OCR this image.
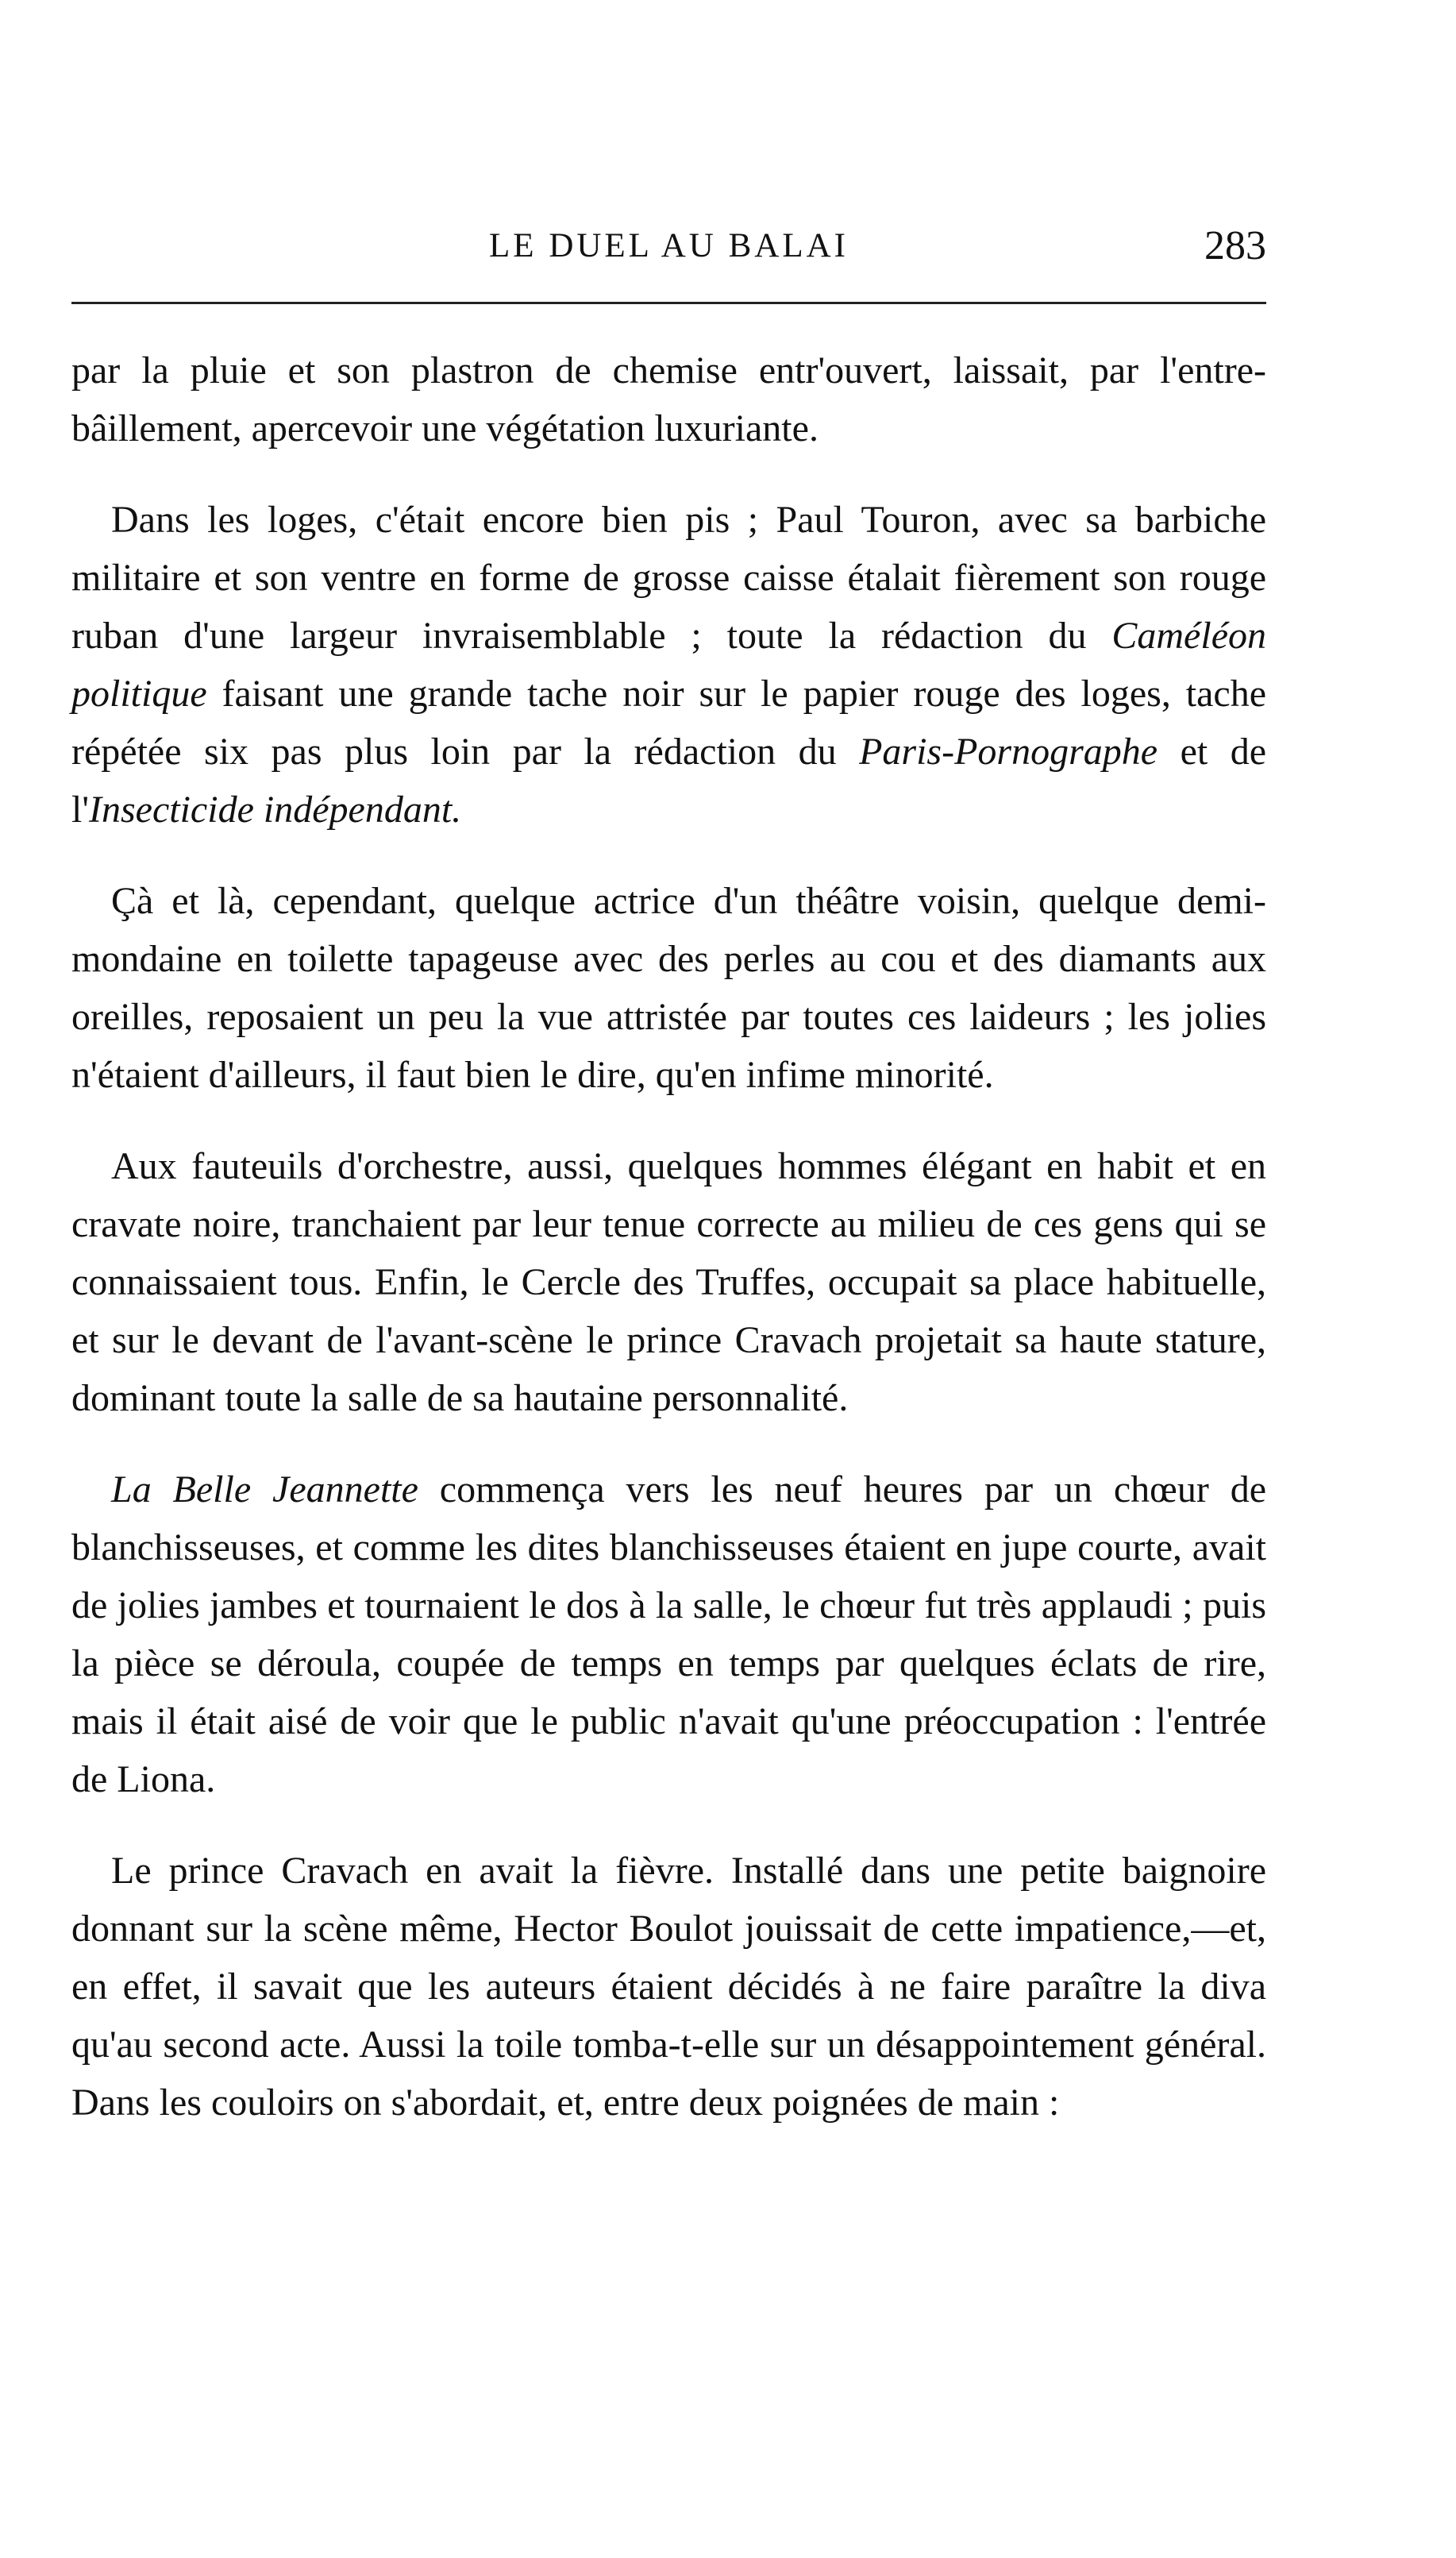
LE DUEL AU BALAI	283

par la pluie et son plastron de chemise entr'ouvert, laissait, par l'entre-bâillement, apercevoir une végétation luxuriante.

Dans les loges, c'était encore bien pis ; Paul Touron, avec sa barbiche militaire et son ventre en forme de grosse caisse étalait fièrement son rouge ruban d'une largeur invraisemblable ; toute la rédaction du Caméléon politique faisant une grande tache noir sur le papier rouge des loges, tache répétée six pas plus loin par la rédaction du Paris-Pornographe et de l'Insecticide indépendant.

Çà et là, cependant, quelque actrice d'un théâtre voisin, quelque demi-mondaine en toilette tapageuse avec des perles au cou et des diamants aux oreilles, reposaient un peu la vue attristée par toutes ces laideurs ; les jolies n'étaient d'ailleurs, il faut bien le dire, qu'en infime minorité.

Aux fauteuils d'orchestre, aussi, quelques hommes élégant en habit et en cravate noire, tranchaient par leur tenue correcte au milieu de ces gens qui se connaissaient tous. Enfin, le Cercle des Truffes, occupait sa place habituelle, et sur le devant de l'avant-scène le prince Cravach projetait sa haute stature, dominant toute la salle de sa hautaine personnalité.

La Belle Jeannette commença vers les neuf heures par un chœur de blanchisseuses, et comme les dites blanchisseuses étaient en jupe courte, avait de jolies jambes et tournaient le dos à la salle, le chœur fut très applaudi ; puis la pièce se déroula, coupée de temps en temps par quelques éclats de rire, mais il était aisé de voir que le public n'avait qu'une préoccupation : l'entrée de Liona.

Le prince Cravach en avait la fièvre. Installé dans une petite baignoire donnant sur la scène même, Hector Boulot jouissait de cette impatience,—et, en effet, il savait que les auteurs étaient décidés à ne faire paraître la diva qu'au second acte. Aussi la toile tomba-t-elle sur un désappointement général. Dans les couloirs on s'abordait, et, entre deux poignées de main :
